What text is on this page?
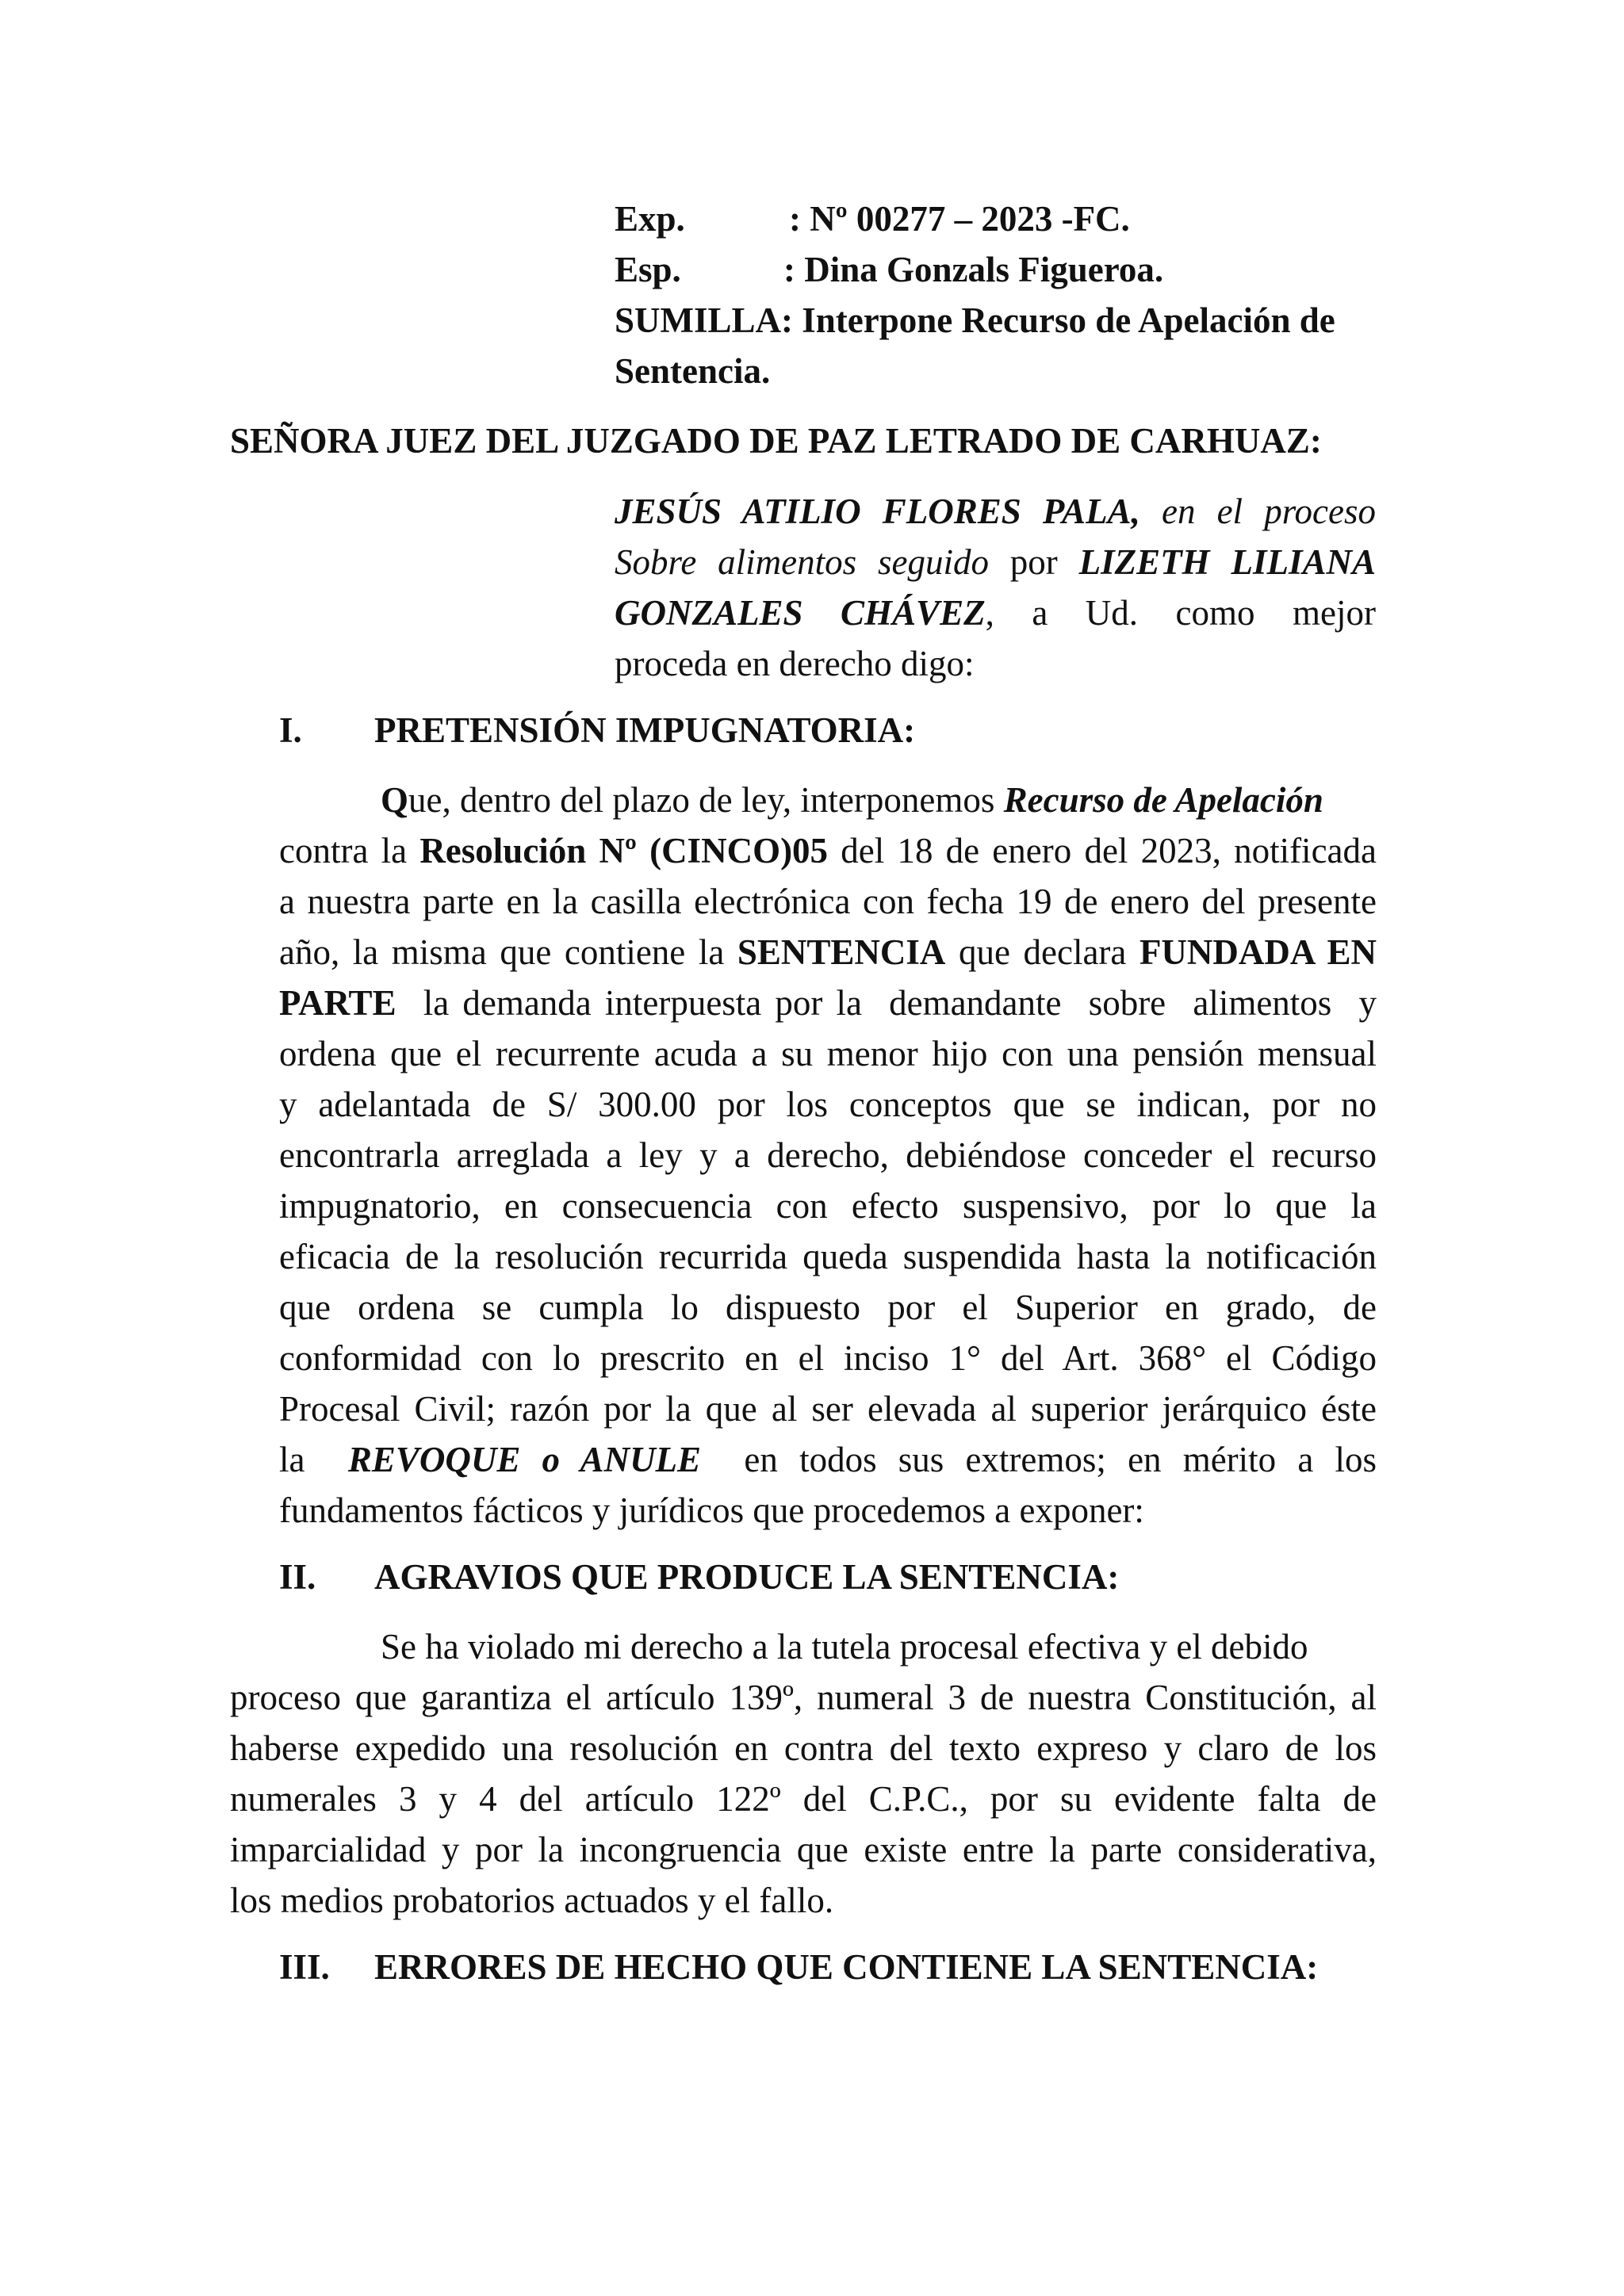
Exp.	: Nº 00277 – 2023 -FC.
Esp.	: Dina Gonzals Figueroa.
SUMILLA: Interpone Recurso de Apelación de
Sentencia.
SEÑORA JUEZ DEL JUZGADO DE PAZ LETRADO DE CARHUAZ:
JESÚS ATILIO FLORES PALA, en el proceso
Sobre alimentos seguido por LIZETH LILIANA
GONZALES CHÁVEZ, a Ud. como mejor
proceda en derecho digo:
I. PRETENSIÓN IMPUGNATORIA:
Que, dentro del plazo de ley, interponemos Recurso de Apelación
contra la Resolución Nº (CINCO)05 del 18 de enero del 2023, notificada
a nuestra parte en la casilla electrónica con fecha 19 de enero del presente
año, la misma que contiene la SENTENCIA que declara FUNDADA EN
PARTE  la demanda interpuesta por la  demandante  sobre  alimentos  y
ordena que el recurrente acuda a su menor hijo con una pensión mensual
y adelantada de S/ 300.00 por los conceptos que se indican, por no
encontrarla arreglada a ley y a derecho, debiéndose conceder el recurso
impugnatorio, en consecuencia con efecto suspensivo, por lo que la
eficacia de la resolución recurrida queda suspendida hasta la notificación
que ordena se cumpla lo dispuesto por el Superior en grado, de
conformidad con lo prescrito en el inciso 1° del Art. 368° el Código
Procesal Civil; razón por la que al ser elevada al superior jerárquico éste
la  REVOQUE o ANULE  en todos sus extremos; en mérito a los
fundamentos fácticos y jurídicos que procedemos a exponer:
II. AGRAVIOS QUE PRODUCE LA SENTENCIA:
Se ha violado mi derecho a la tutela procesal efectiva y el debido
proceso que garantiza el artículo 139º, numeral 3 de nuestra Constitución, al
haberse expedido una resolución en contra del texto expreso y claro de los
numerales 3 y 4 del artículo 122º del C.P.C., por su evidente falta de
imparcialidad y por la incongruencia que existe entre la parte considerativa,
los medios probatorios actuados y el fallo.
III. ERRORES DE HECHO QUE CONTIENE LA SENTENCIA:
